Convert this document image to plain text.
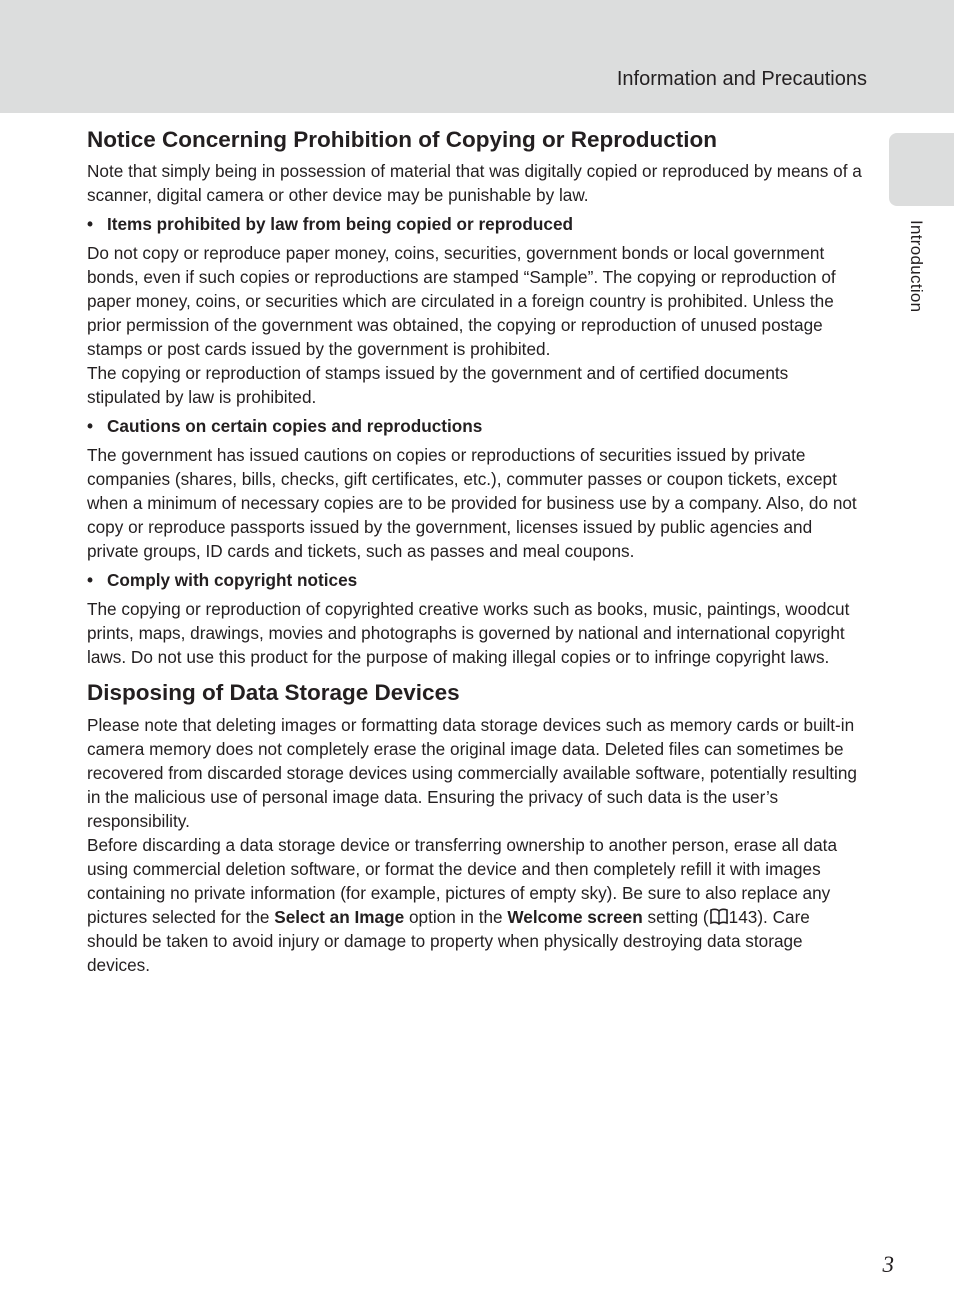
Information and Precautions
Introduction
Notice Concerning Prohibition of Copying or Reproduction

Note that simply being in possession of material that was digitally copied or reproduced by means of a scanner, digital camera or other device may be punishable by law.

• Items prohibited by law from being copied or reproduced

Do not copy or reproduce paper money, coins, securities, government bonds or local government bonds, even if such copies or reproductions are stamped “Sample”. The copying or reproduction of paper money, coins, or securities which are circulated in a foreign country is prohibited. Unless the prior permission of the government was obtained, the copying or reproduction of unused postage stamps or post cards issued by the government is prohibited.

The copying or reproduction of stamps issued by the government and of certified documents stipulated by law is prohibited.

• Cautions on certain copies and reproductions

The government has issued cautions on copies or reproductions of securities issued by private companies (shares, bills, checks, gift certificates, etc.), commuter passes or coupon tickets, except when a minimum of necessary copies are to be provided for business use by a company. Also, do not copy or reproduce passports issued by the government, licenses issued by public agencies and private groups, ID cards and tickets, such as passes and meal coupons.

• Comply with copyright notices

The copying or reproduction of copyrighted creative works such as books, music, paintings, woodcut prints, maps, drawings, movies and photographs is governed by national and international copyright laws. Do not use this product for the purpose of making illegal copies or to infringe copyright laws.

Disposing of Data Storage Devices

Please note that deleting images or formatting data storage devices such as memory cards or built-in camera memory does not completely erase the original image data. Deleted files can sometimes be recovered from discarded storage devices using commercially available software, potentially resulting in the malicious use of personal image data. Ensuring the privacy of such data is the user’s responsibility.

Before discarding a data storage device or transferring ownership to another person, erase all data using commercial deletion software, or format the device and then completely refill it with images containing no private information (for example, pictures of empty sky). Be sure to also replace any pictures selected for the Select an Image option in the Welcome screen setting ( 143). Care should be taken to avoid injury or damage to property when physically destroying data storage devices.

3
